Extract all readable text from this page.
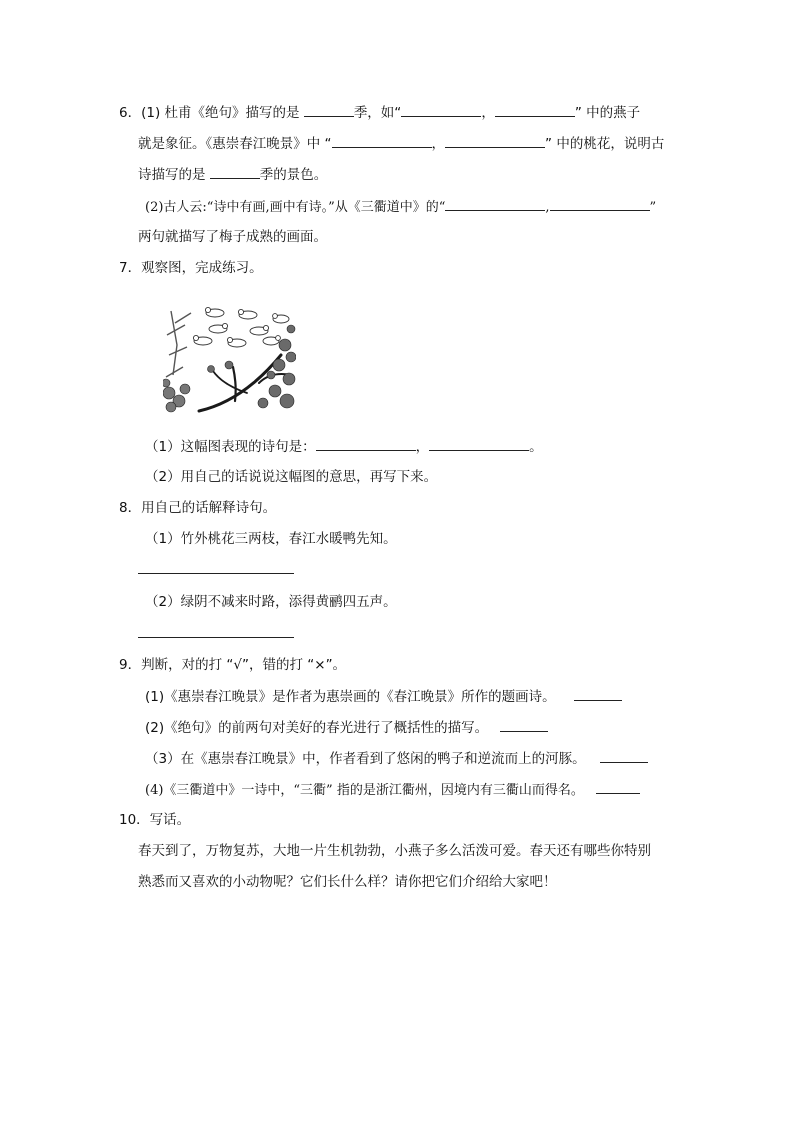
6．(1) 杜甫《绝句》描写的是	季，如“	，	” 中的燕子
就是象征。《惠崇春江晚景》中 “	，	” 中的桃花，说明古
诗描写的是	季的景色。
(2)古人云:“诗中有画,画中有诗。”从《三衢道中》的“	,	”
两句就描写了梅子成熟的画面。
7．观察图，完成练习。
（1）这幅图表现的诗句是：	，	。
（2）用自己的话说说这幅图的意思，再写下来。
8．用自己的话解释诗句。
（1）竹外桃花三两枝，春江水暖鸭先知。
（2）绿阴不减来时路，添得黄鹂四五声。
9．判断，对的打 “√”，错的打 “×”。
(1)《惠崇春江晚景》是作者为惠崇画的《春江晚景》所作的题画诗。
(2)《绝句》的前两句对美好的春光进行了概括性的描写。
（3）在《惠崇春江晚景》中，作者看到了悠闲的鸭子和逆流而上的河豚。
(4)《三衢道中》一诗中，“三衢” 指的是浙江衢州，因境内有三衢山而得名。
10．写话。
春天到了，万物复苏，大地一片生机勃勃，小燕子多么活泼可爱。春天还有哪些你特别
熟悉而又喜欢的小动物呢？它们长什么样？请你把它们介绍给大家吧！
